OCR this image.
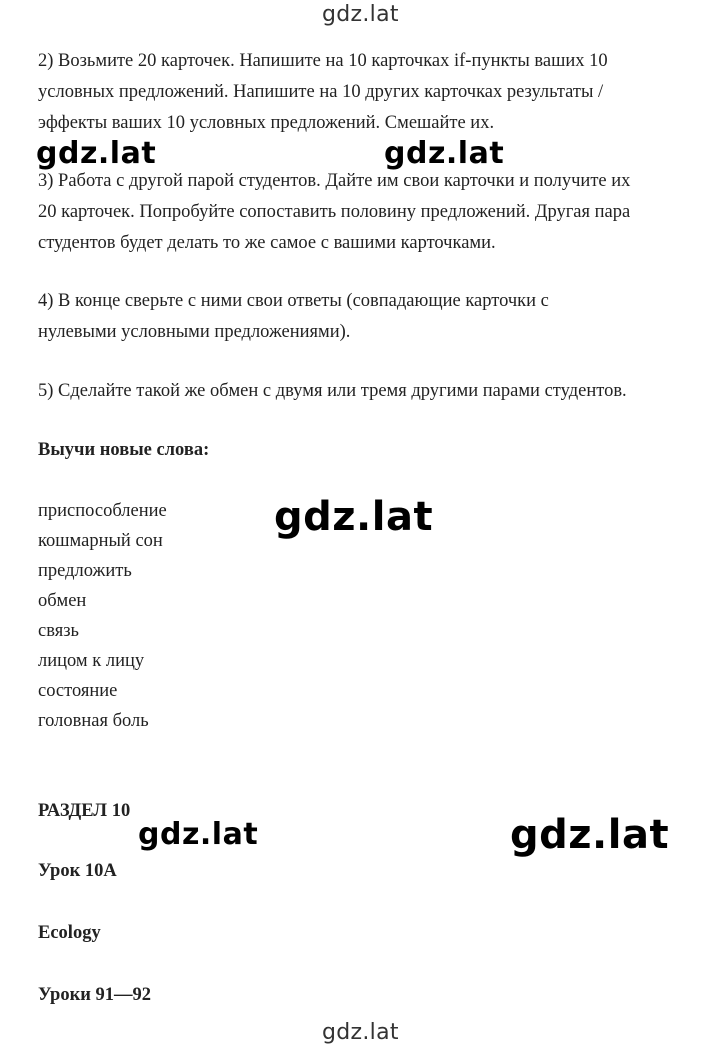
gdz.lat

2) Возьмите 20 карточек. Напишите на 10 карточках if-пункты ваших 10

условных предложений. Напишите на 10 других карточках результаты /

эффекты ваших 10 условных предложений. Смешайте их.

3) Работа с другой парой студентов. Дайте им свои карточки и получите их

20 карточек. Попробуйте сопоставить половину предложений. Другая пара

студентов будет делать то же самое с вашими карточками.

4) В конце сверьте с ними свои ответы (совпадающие карточки с

нулевыми условными предложениями).

5) Сделайте такой же обмен с двумя или тремя другими парами студентов.

gdz.lat	gdz.lat
Выучи новые слова:
приспособление
кошмарный сон
предложить
обмен
связь
лицом к лицу
состояние
головная боль
gdz.lat
РАЗДЕЛ 10
gdz.lat	gdz.lat
Урок 10А
Ecology
Уроки 91—92
gdz.lat
